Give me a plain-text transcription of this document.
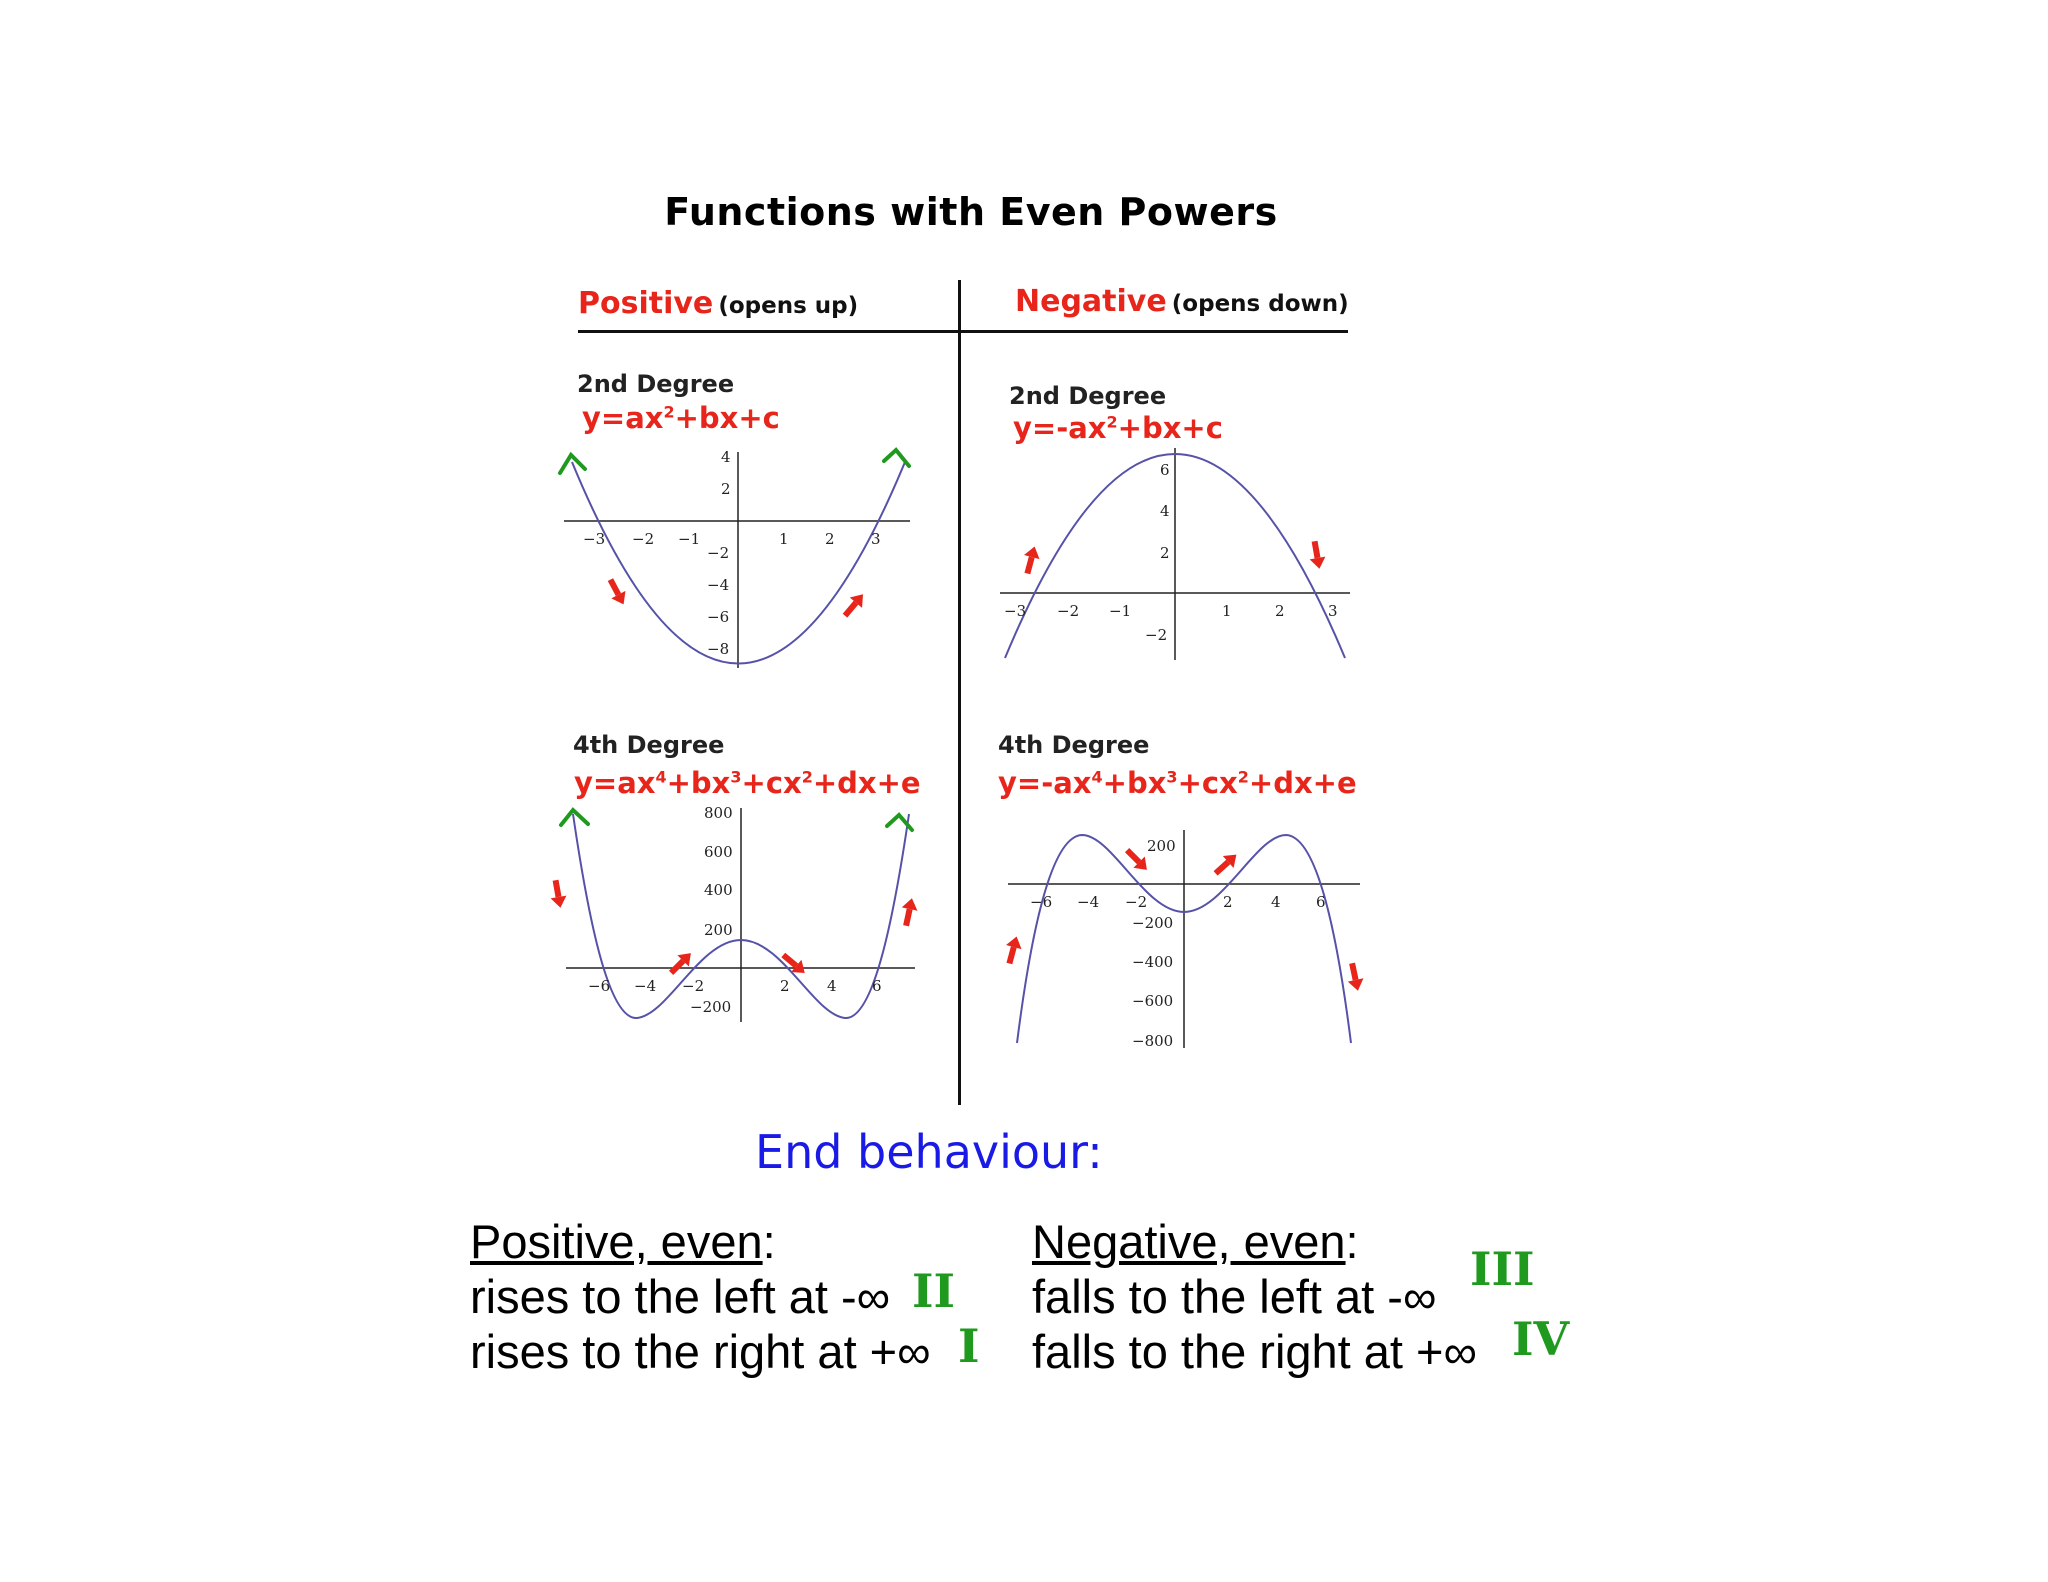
Functions with Even Powers
Positive (opens up)	Negative (opens down)
2nd Degree
$y=ax^2+bx+c$
2nd Degree
$y=-ax^2+bx+c$
4th Degree
$y=ax^4+bx^3+cx^2+dx+e$
4th Degree
$y=-ax^4+bx^3+cx^2+dx+e$
−3 −2 −1	1 2 3
4
2
−2
−4
−6
−8
−3 −2 −1	1	2	3
6
4
2
−2
−6 −4 −2	2 4 6
800
600
400
200
−200
−6 −4 −2	2	4 6
200
−200
−400
−600
−800
End behaviour:
Positive, even:
rises to the left at -∞
rises to the right at +∞
II
I
Negative, even:
falls to the left at -∞
falls to the right at +∞
III
IV
